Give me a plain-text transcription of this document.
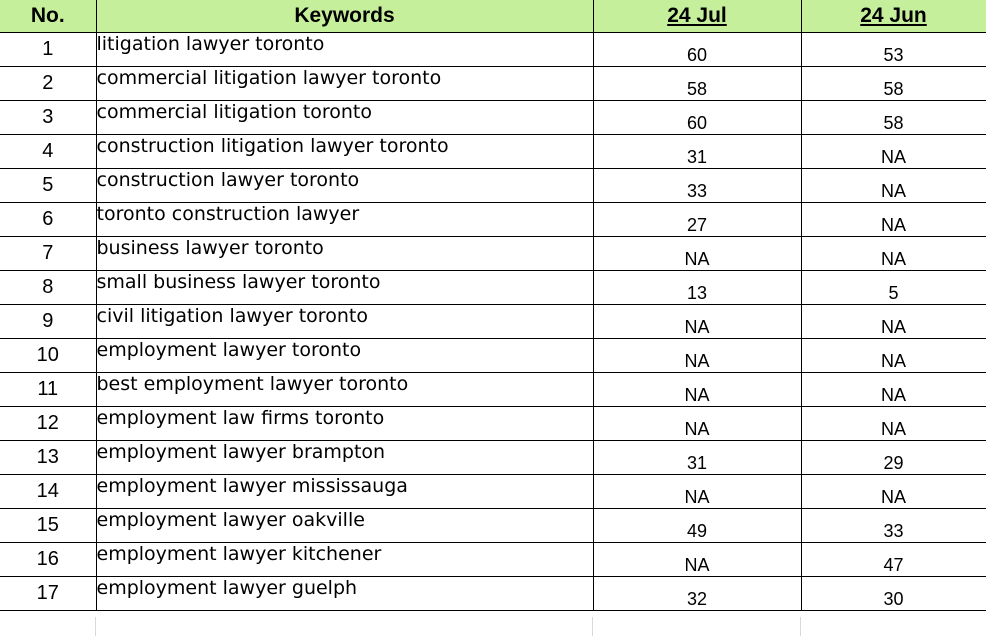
No.	Keywords	24 Jul	24 Jun
1	litigation lawyer toronto	60	53
2	commercial litigation lawyer toronto	58	58
3	commercial litigation toronto	60	58
4	construction litigation lawyer toronto	31	NA
5	construction lawyer toronto	33	NA
6	toronto construction lawyer	27	NA
7	business lawyer toronto	NA	NA
8	small business lawyer toronto	13	5
9	civil litigation lawyer toronto	NA	NA
10	employment lawyer toronto	NA	NA
11	best employment lawyer toronto	NA	NA
12	employment law firms toronto	NA	NA
13	employment lawyer brampton	31	29
14	employment lawyer mississauga	NA	NA
15	employment lawyer oakville	49	33
16	employment lawyer kitchener	NA	47
17	employment lawyer guelph	32	30
